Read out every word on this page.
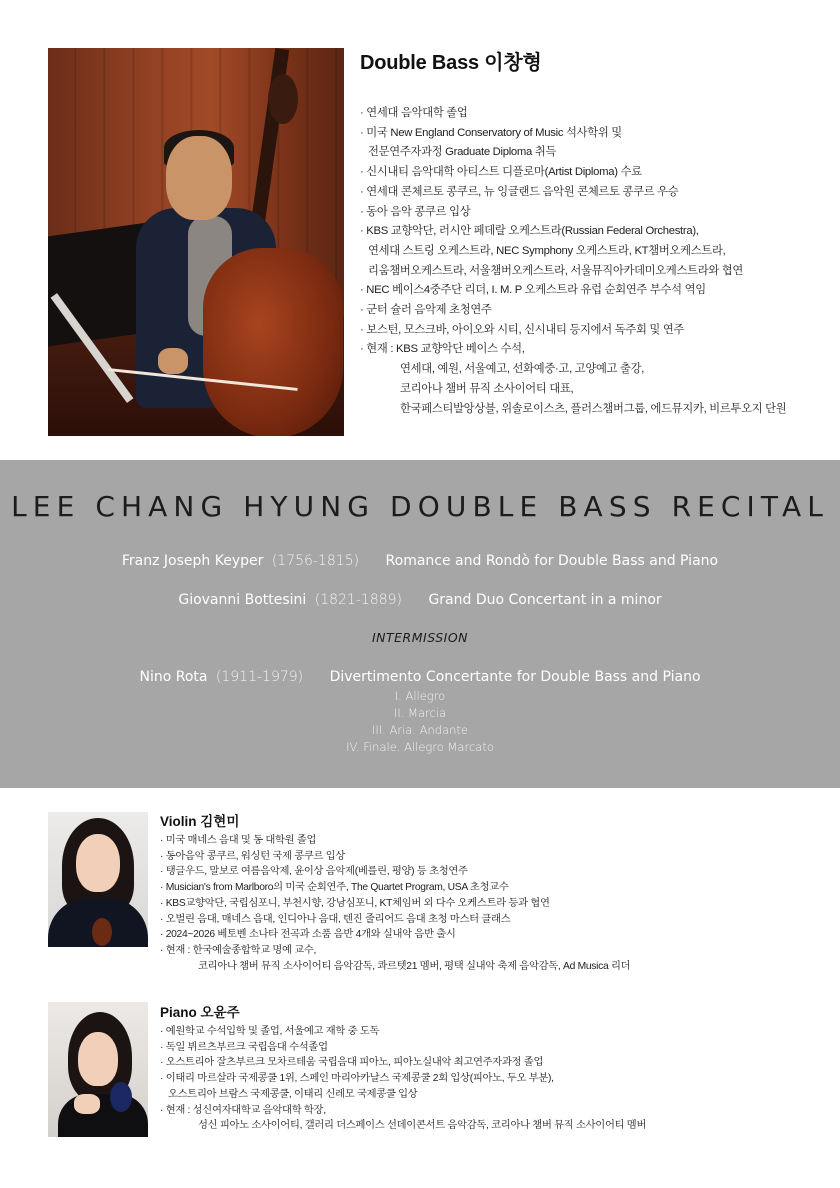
Double Bass 이창형
· 연세대 음악대학 졸업
· 미국 New England Conservatory of Music 석사학위 및
전문연주자과정 Graduate Diploma 취득
· 신시내티 음악대학 아티스트 디플로마(Artist Diploma) 수료
· 연세대 콘체르토 콩쿠르, 뉴 잉글랜드 음악원 콘체르토 콩쿠르 우승
· 동아 음악 콩쿠르 입상
· KBS 교향악단, 러시안 페데랄 오케스트라(Russian Federal Orchestra),
연세대 스트링 오케스트라, NEC Symphony 오케스트라, KT챔버오케스트라,
리움챔버오케스트라, 서울챔버오케스트라, 서울뮤직아카데미오케스트라와 협연
· NEC 베이스4중주단 리더, I. M. P 오케스트라 유럽 순회연주 부수석 역임
· 군터 슐러 음악제 초청연주
· 보스턴, 모스크바, 아이오와 시티, 신시내티 등지에서 독주회 및 연주
· 현재 : KBS 교향악단 베이스 수석,
연세대, 예원, 서울예고, 선화예중·고, 고양예고 출강,
코리아나 챔버 뮤직 소사이어티 대표,
한국페스티발앙상블, 위솔로이스츠, 플러스챔버그룹, 에드뮤지카, 비르투오지 단원
LEE CHANG HYUNG DOUBLE BASS RECITAL
Franz Joseph Keyper (1756-1815) Romance and Rondò for Double Bass and Piano
Giovanni Bottesini (1821-1889) Grand Duo Concertant in a minor
INTERMISSION
Nino Rota (1911-1979) Divertimento Concertante for Double Bass and Piano
I. Allegro
II. Marcia
III. Aria. Andante
IV. Finale. Allegro Marcato
Violin 김현미
· 미국 매네스 음대 및 동 대학원 졸업
· 동아음악 콩쿠르, 워싱턴 국제 콩쿠르 입상
· 탱글우드, 말보로 여름음악제, 윤이상 음악제(베를린, 평양) 등 초청연주
· Musician's from Marlboro의 미국 순회연주, The Quartet Program, USA 초청교수
· KBS교향악단, 국립심포니, 부천시향, 강남심포니, KT체임버 외 다수 오케스트라 등과 협연
· 오벌린 음대, 매네스 음대, 인디아나 음대, 텐진 줄리어드 음대 초청 마스터 클래스
· 2024~2026 베토벤 소나타 전곡과 소품 음반 4개와 실내악 음반 출시
· 현재 : 한국예술종합학교 명예 교수,
코리아나 챔버 뮤직 소사이어티 음악감독, 콰르텟21 멤버, 평택 실내악 축제 음악감독, Ad Musica 리더
Piano 오윤주
· 예원학교 수석입학 및 졸업, 서울예고 재학 중 도독
· 독일 뷔르츠부르크 국립음대 수석졸업
· 오스트리아 잘츠부르크 모차르테움 국립음대 피아노, 피아노실내악 최고연주자과정 졸업
· 이태리 마르살라 국제콩쿨 1위, 스페인 마리아카날스 국제콩쿨 2회 입상(피아노, 두오 부분),
오스트리아 브람스 국제콩쿨, 이태리 신레모 국제콩쿨 입상
· 현재 : 성신여자대학교 음악대학 학장,
성신 피아노 소사이어티, 갤러리 더스페이스 선데이콘서트 음악감독, 코리아나 챔버 뮤직 소사이어티 멤버
